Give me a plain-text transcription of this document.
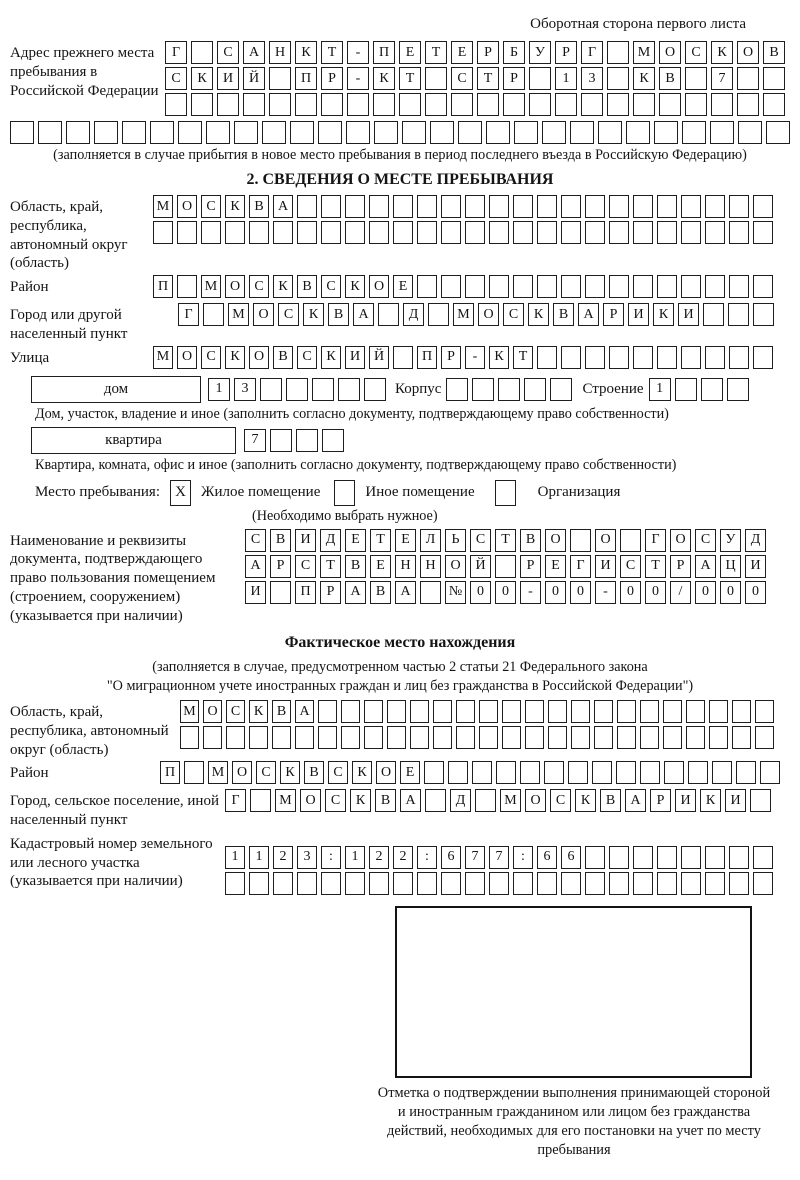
Оборотная сторона первого листа
Адрес прежнего места пребывания в Российской Федерации
Г	С	А	Н	К	Т	-	П	Е	Т	Е	Р	Б	У	Р	Г	М	О	С	К	О	В
С	К	И	Й	П	Р	-	К	Т	С	Т	Р	1	3	К	В	7
(заполняется в случае прибытия в новое место пребывания в период последнего въезда в Российскую Федерацию)
2. СВЕДЕНИЯ О МЕСТЕ ПРЕБЫВАНИЯ
Область, край, республика, автономный округ (область)
М О	С	К	В	А
Район	П	М О	С	К	В	С	К	О	Е
Город или другой населенный пункт
Г	М О	С	К	В	А	Д	М О	С	К	В	А	Р	И	К	И
Улица	М О	С	К	О	В	С	К	И Й	П	Р	-	К	Т
дом	1	3	Корпус	Строение 1
Дом, участок, владение и иное (заполнить согласно документу, подтверждающему право собственности)
квартира	7
Квартира, комната, офис и иное (заполнить согласно документу, подтверждающему право собственности)
Место пребывания:	X	Жилое помещение	Иное помещение	Организация
(Необходимо выбрать нужное)
Наименование и реквизиты документа, подтверждающего право пользования помещением (строением, сооружением) (указывается при наличии)
С	В	И	Д	Е	Т	Е	Л	Ь	С	Т	В	О	О	Г	О	С	У	Д
А	Р	С	Т	В	Е	Н	Н	О	Й	Р	Е	Г	И	С	Т	Р	А	Ц	И
И	П	Р	А	В	А	№	0	0	-	0	0	-	0	0	/	0	0	0
Фактическое место нахождения
(заполняется в случае, предусмотренном частью 2 статьи 21 Федерального закона
"О миграционном учете иностранных граждан и лиц без гражданства в Российской Федерации")
Область, край, республика, автономный округ (область)
М О С К В А
Район	П	М О	С	К	В	С	К	О	Е
Город, сельское поселение, иной населенный пункт
Г	М О	С	К	В	А	Д	М О	С	К	В	А	Р	И	К	И
Кадастровый номер земельного или лесного участка (указывается при наличии)
1	1	2	3	:	1	2	2	:	6	7	7	:	6	6
Отметка о подтверждении выполнения принимающей стороной и иностранным гражданином или лицом без гражданства действий, необходимых для его постановки на учет по месту пребывания
